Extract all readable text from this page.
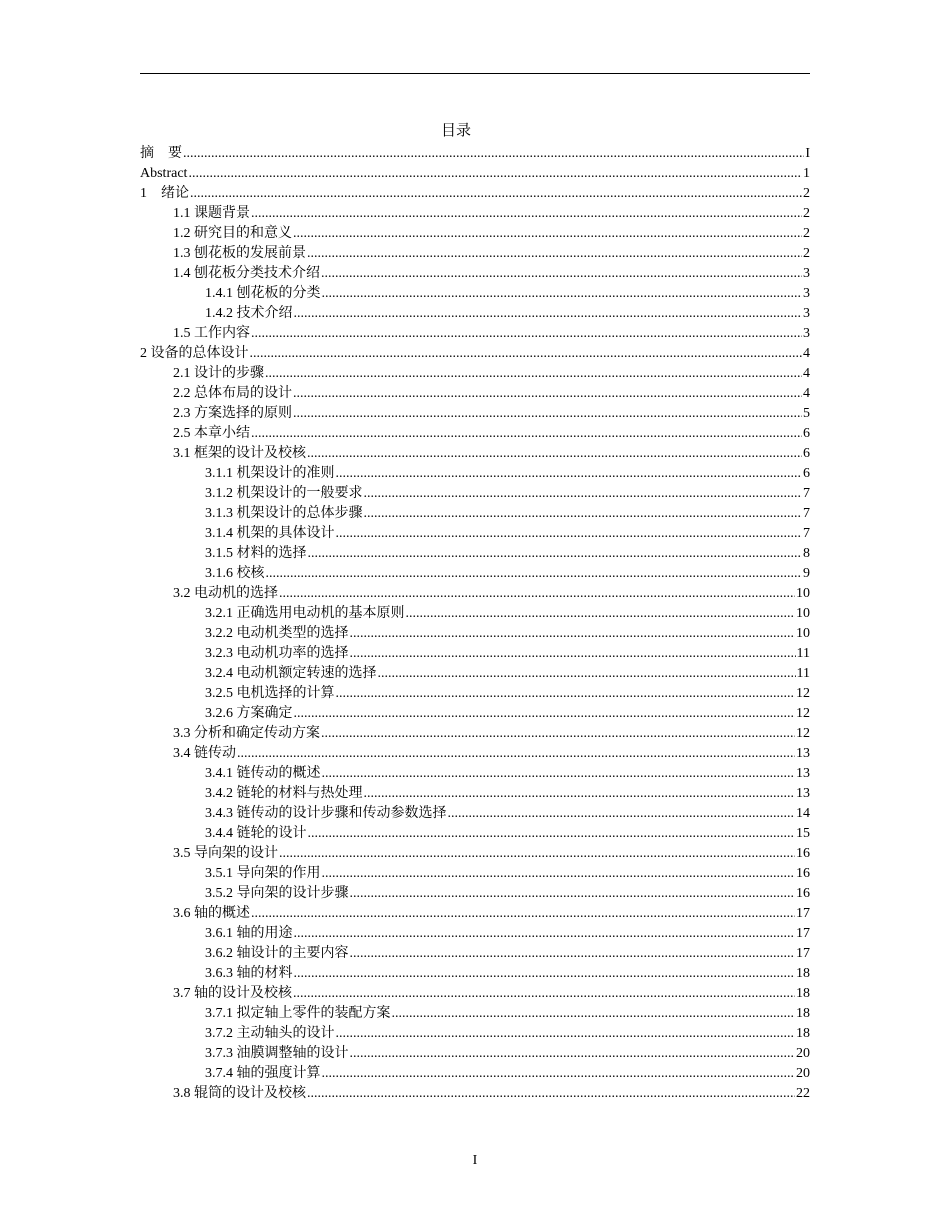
目录
摘　要 .....	I
Abstract .....	1
1　绪论 .....	2
1.1 课题背景 .....	2
1.2 研究目的和意义 .....	2
1.3 刨花板的发展前景 .....	2
1.4 刨花板分类技术介绍 .....	3
1.4.1 刨花板的分类 .....	3
1.4.2 技术介绍 .....	3
1.5 工作内容 .....	3
2 设备的总体设计 .....	4
2.1 设计的步骤 .....	4
2.2 总体布局的设计 .....	4
2.3 方案选择的原则 .....	5
2.5 本章小结 .....	6
3.1 框架的设计及校核 .....	6
3.1.1 机架设计的准则 .....	6
3.1.2 机架设计的一般要求 .....	7
3.1.3 机架设计的总体步骤 .....	7
3.1.4 机架的具体设计 .....	7
3.1.5 材料的选择 .....	8
3.1.6 校核 .....	9
3.2 电动机的选择 .....	10
3.2.1 正确选用电动机的基本原则 .....	10
3.2.2 电动机类型的选择 .....	10
3.2.3 电动机功率的选择 .....	11
3.2.4 电动机额定转速的选择 .....	11
3.2.5 电机选择的计算 .....	12
3.2.6 方案确定 .....	12
3.3 分析和确定传动方案 .....	12
3.4 链传动 .....	13
3.4.1 链传动的概述 .....	13
3.4.2 链轮的材料与热处理 .....	13
3.4.3 链传动的设计步骤和传动参数选择 .....	14
3.4.4 链轮的设计 .....	15
3.5 导向架的设计 .....	16
3.5.1 导向架的作用 .....	16
3.5.2 导向架的设计步骤 .....	16
3.6 轴的概述 .....	17
3.6.1 轴的用途 .....	17
3.6.2 轴设计的主要内容 .....	17
3.6.3 轴的材料 .....	18
3.7 轴的设计及校核 .....	18
3.7.1 拟定轴上零件的装配方案 .....	18
3.7.2 主动轴头的设计 .....	18
3.7.3 油膜调整轴的设计 .....	20
3.7.4 轴的强度计算 .....	20
3.8 辊筒的设计及校核 .....	22
I
